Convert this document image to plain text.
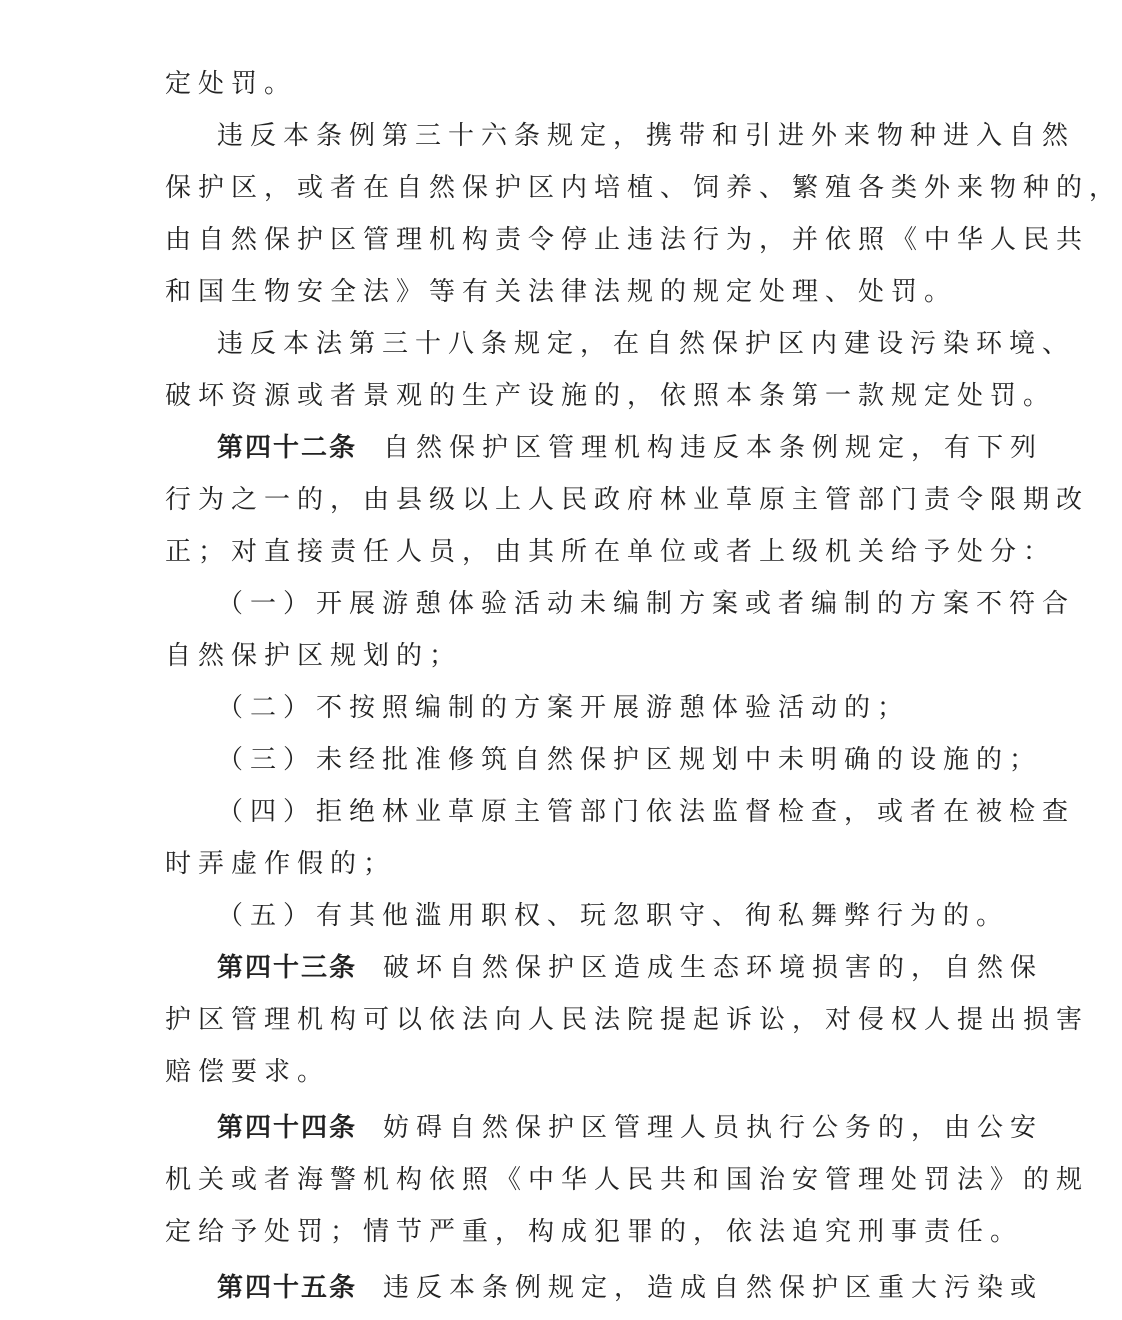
定处罚。
违反本条例第三十六条规定，携带和引进外来物种进入自然
保护区，或者在自然保护区内培植、饲养、繁殖各类外来物种的，
由自然保护区管理机构责令停止违法行为，并依照《中华人民共
和国生物安全法》等有关法律法规的规定处理、处罚。
违反本法第三十八条规定，在自然保护区内建设污染环境、
破坏资源或者景观的生产设施的，依照本条第一款规定处罚。
第四十二条 自然保护区管理机构违反本条例规定，有下列
行为之一的，由县级以上人民政府林业草原主管部门责令限期改
正；对直接责任人员，由其所在单位或者上级机关给予处分：
（一）开展游憩体验活动未编制方案或者编制的方案不符合
自然保护区规划的；
（二）不按照编制的方案开展游憩体验活动的；
（三）未经批准修筑自然保护区规划中未明确的设施的；
（四）拒绝林业草原主管部门依法监督检查，或者在被检查
时弄虚作假的；
（五）有其他滥用职权、玩忽职守、徇私舞弊行为的。
第四十三条 破坏自然保护区造成生态环境损害的，自然保
护区管理机构可以依法向人民法院提起诉讼，对侵权人提出损害
赔偿要求。
第四十四条 妨碍自然保护区管理人员执行公务的，由公安
机关或者海警机构依照《中华人民共和国治安管理处罚法》的规
定给予处罚；情节严重，构成犯罪的，依法追究刑事责任。
第四十五条 违反本条例规定，造成自然保护区重大污染或
